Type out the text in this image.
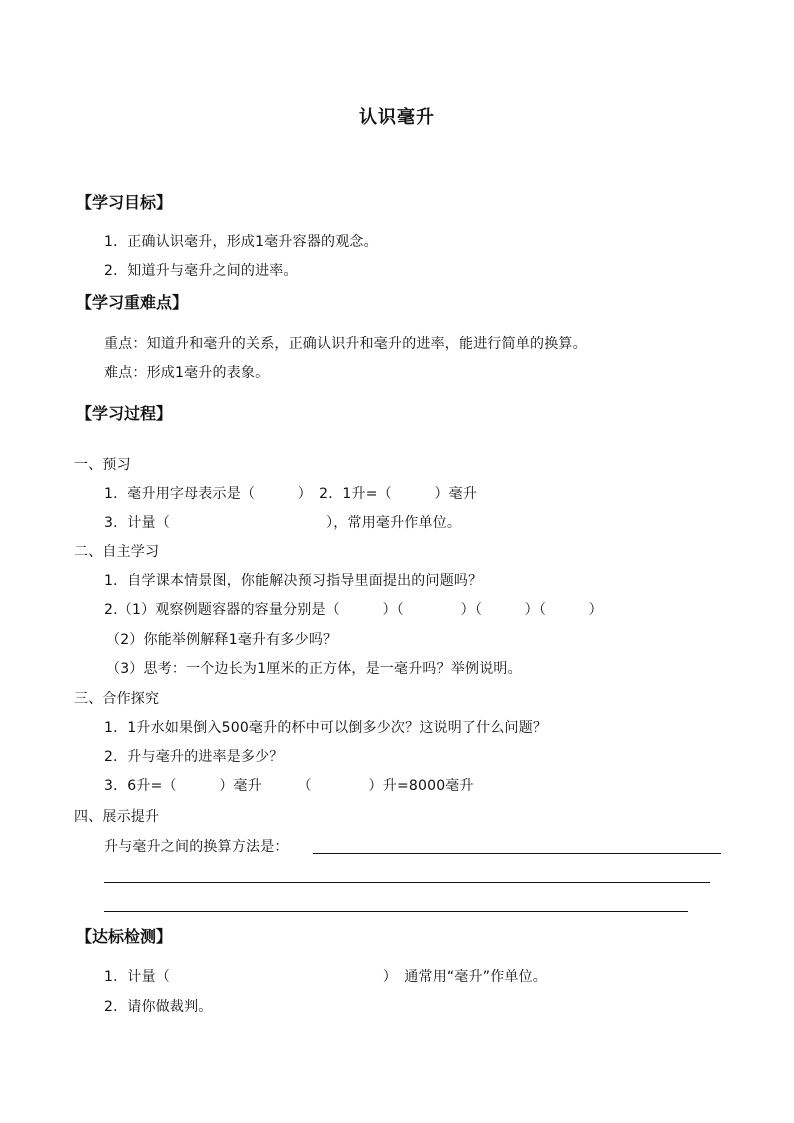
认识毫升
【学习目标】
1．正确认识毫升，形成1毫升容器的观念。
2．知道升与毫升之间的进率。
【学习重难点】
重点：知道升和毫升的关系，正确认识升和毫升的进率，能进行简单的换算。
难点：形成1毫升的表象。
【学习过程】
一、预习
1．毫升用字母表示是（　　　）　2．1升=（　　　）毫升
3．计量（　　　　　　　　　　　），常用毫升作单位。
二、自主学习
1．自学课本情景图，你能解决预习指导里面提出的问题吗？
2.（1）观察例题容器的容量分别是（　　　）（　　　　）（　　　）（　　　）
（2）你能举例解释1毫升有多少吗？
（3）思考：一个边长为1厘米的正方体，是一毫升吗？举例说明。
三、合作探究
1．1升水如果倒入500毫升的杯中可以倒多少次？这说明了什么问题？
2．升与毫升的进率是多少？
3．6升=（　　　）毫升　　　（　　　　）升=8000毫升
四、展示提升
升与毫升之间的换算方法是：
【达标检测】
1．计量（　　　　　　　　　　　　　　　）　通常用“毫升”作单位。
2．请你做裁判。
